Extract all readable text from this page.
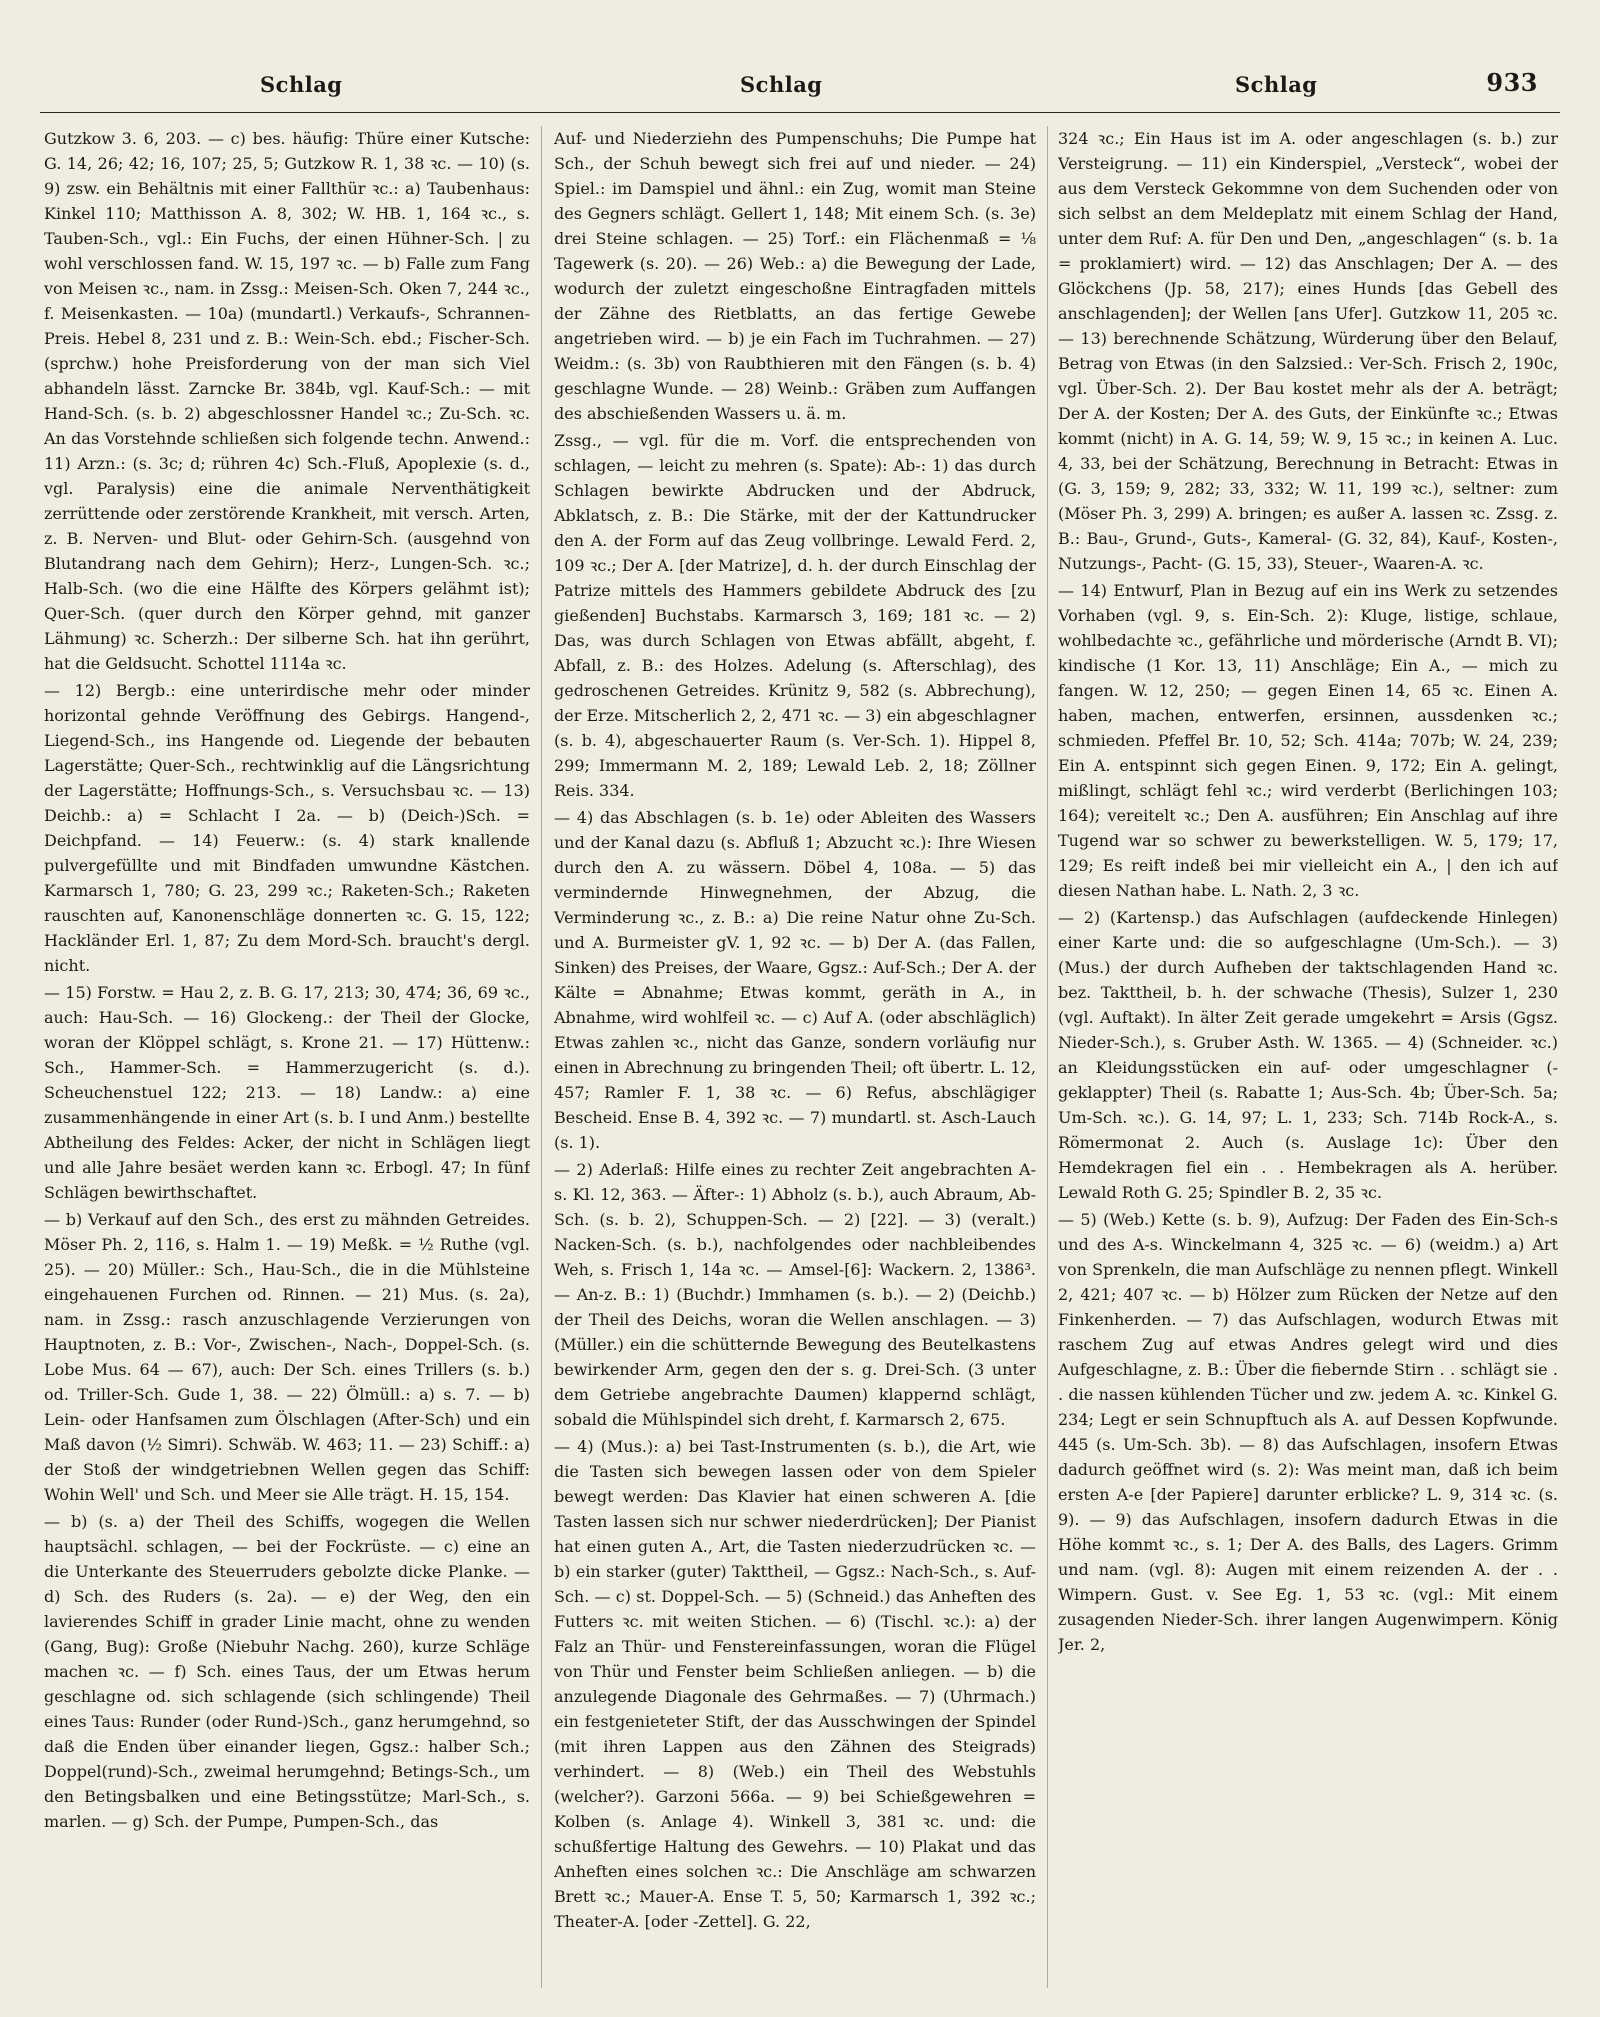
Schlag	Schlag	Schlag	933

Gutzkow 3. 6, 203. — c) bes. häufig: Thüre einer Kutsche: G. 14, 26; 42; 16, 107; 25, 5; Gutzkow R. 1, 38 ꝛc. — 10) (s. 9) zsw. ein Behältnis mit einer Fallthür ꝛc.: a) Taubenhaus: Kinkel 110; Matthisson A. 8, 302; W. HB. 1, 164 ꝛc., s. Tauben-Sch., vgl.: Ein Fuchs, der einen Hühner-Sch. | zu wohl verschlossen fand. W. 15, 197 ꝛc. — b) Falle zum Fang von Meisen ꝛc., nam. in Zssg.: Meisen-Sch. Oken 7, 244 ꝛc., f. Meisenkasten. — 10a) (mundartl.) Verkaufs-, Schrannen-Preis. Hebel 8, 231 und z. B.: Wein-Sch. ebd.; Fischer-Sch. (sprchw.) hohe Preisforderung von der man sich Viel abhandeln lässt. Zarncke Br. 384b, vgl. Kauf-Sch.: — mit Hand-Sch. (s. b. 2) abgeschlossner Handel ꝛc.; Zu-Sch. ꝛc. An das Vorstehnde schließen sich folgende techn. Anwend.: 11) Arzn.: (s. 3c; d; rühren 4c) Sch.-Fluß, Apoplexie (s. d., vgl. Paralysis) eine die animale Nerventhätigkeit zerrüttende oder zerstörende Krankheit, mit versch. Arten, z. B. Nerven- und Blut- oder Gehirn-Sch. (ausgehnd von Blutandrang nach dem Gehirn); Herz-, Lungen-Sch. ꝛc.; Halb-Sch. (wo die eine Hälfte des Körpers gelähmt ist); Quer-Sch. (quer durch den Körper gehnd, mit ganzer Lähmung) ꝛc. Scherzh.: Der silberne Sch. hat ihn gerührt, hat die Geldsucht. Schottel 1114a ꝛc.

— 12) Bergb.: eine unterirdische mehr oder minder horizontal gehnde Veröffnung des Gebirgs. Hangend-, Liegend-Sch., ins Hangende od. Liegende der bebauten Lagerstätte; Quer-Sch., rechtwinklig auf die Längsrichtung der Lagerstätte; Hoffnungs-Sch., s. Versuchsbau ꝛc. — 13) Deichb.: a) = Schlacht I 2a. — b) (Deich-)Sch. = Deichpfand. — 14) Feuerw.: (s. 4) stark knallende pulvergefüllte und mit Bindfaden umwundne Kästchen. Karmarsch 1, 780; G. 23, 299 ꝛc.; Raketen-Sch.; Raketen rauschten auf, Kanonenschläge donnerten ꝛc. G. 15, 122; Hackländer Erl. 1, 87; Zu dem Mord-Sch. braucht's dergl. nicht.

— 15) Forstw. = Hau 2, z. B. G. 17, 213; 30, 474; 36, 69 ꝛc., auch: Hau-Sch. — 16) Glockeng.: der Theil der Glocke, woran der Klöppel schlägt, s. Krone 21. — 17) Hüttenw.: Sch., Hammer-Sch. = Hammerzugericht (s. d.). Scheuchenstuel 122; 213. — 18) Landw.: a) eine zusammenhängende in einer Art (s. b. I und Anm.) bestellte Abtheilung des Feldes: Acker, der nicht in Schlägen liegt und alle Jahre besäet werden kann ꝛc. Erbogl. 47; In fünf Schlägen bewirthschaftet.

— b) Verkauf auf den Sch., des erst zu mähnden Getreides. Möser Ph. 2, 116, s. Halm 1. — 19) Meßk. = ½ Ruthe (vgl. 25). — 20) Müller.: Sch., Hau-Sch., die in die Mühlsteine eingehauenen Furchen od. Rinnen. — 21) Mus. (s. 2a), nam. in Zssg.: rasch anzuschlagende Verzierungen von Hauptnoten, z. B.: Vor-, Zwischen-, Nach-, Doppel-Sch. (s. Lobe Mus. 64 — 67), auch: Der Sch. eines Trillers (s. b.) od. Triller-Sch. Gude 1, 38. — 22) Ölmüll.: a) s. 7. — b) Lein- oder Hanfsamen zum Ölschlagen (After-Sch) und ein Maß davon (½ Simri). Schwäb. W. 463; 11. — 23) Schiff.: a) der Stoß der windgetriebnen Wellen gegen das Schiff: Wohin Well' und Sch. und Meer sie Alle trägt. H. 15, 154.

— b) (s. a) der Theil des Schiffs, wogegen die Wellen hauptsächl. schlagen, — bei der Fockrüste. — c) eine an die Unterkante des Steuerruders gebolzte dicke Planke. — d) Sch. des Ruders (s. 2a). — e) der Weg, den ein lavierendes Schiff in grader Linie macht, ohne zu wenden (Gang, Bug): Große (Niebuhr Nachg. 260), kurze Schläge machen ꝛc. — f) Sch. eines Taus, der um Etwas herum geschlagne od. sich schlagende (sich schlingende) Theil eines Taus: Runder (oder Rund-)Sch., ganz herumgehnd, so daß die Enden über einander liegen, Ggsz.: halber Sch.; Doppel(rund)-Sch., zweimal herumgehnd; Betings-Sch., um den Betingsbalken und eine Betingsstütze; Marl-Sch., s. marlen. — g) Sch. der Pumpe, Pumpen-Sch., das

Auf- und Niederziehn des Pumpenschuhs; Die Pumpe hat Sch., der Schuh bewegt sich frei auf und nieder. — 24) Spiel.: im Damspiel und ähnl.: ein Zug, womit man Steine des Gegners schlägt. Gellert 1, 148; Mit einem Sch. (s. 3e) drei Steine schlagen. — 25) Torf.: ein Flächenmaß = ⅛ Tagewerk (s. 20). — 26) Web.: a) die Bewegung der Lade, wodurch der zuletzt eingeschoßne Eintragfaden mittels der Zähne des Rietblatts, an das fertige Gewebe angetrieben wird. — b) je ein Fach im Tuchrahmen. — 27) Weidm.: (s. 3b) von Raubthieren mit den Fängen (s. b. 4) geschlagne Wunde. — 28) Weinb.: Gräben zum Auffangen des abschießenden Wassers u. ä. m.

Zssg., — vgl. für die m. Vorf. die entsprechenden von schlagen, — leicht zu mehren (s. Spate): Ab-: 1) das durch Schlagen bewirkte Abdrucken und der Abdruck, Abklatsch, z. B.: Die Stärke, mit der der Kattundrucker den A. der Form auf das Zeug vollbringe. Lewald Ferd. 2, 109 ꝛc.; Der A. [der Matrize], d. h. der durch Einschlag der Patrize mittels des Hammers gebildete Abdruck des [zu gießenden] Buchstabs. Karmarsch 3, 169; 181 ꝛc. — 2) Das, was durch Schlagen von Etwas abfällt, abgeht, f. Abfall, z. B.: des Holzes. Adelung (s. Afterschlag), des gedroschenen Getreides. Krünitz 9, 582 (s. Abbrechung), der Erze. Mitscherlich 2, 2, 471 ꝛc. — 3) ein abgeschlagner (s. b. 4), abgeschauerter Raum (s. Ver-Sch. 1). Hippel 8, 299; Immermann M. 2, 189; Lewald Leb. 2, 18; Zöllner Reis. 334.

— 4) das Abschlagen (s. b. 1e) oder Ableiten des Wassers und der Kanal dazu (s. Abfluß 1; Abzucht ꝛc.): Ihre Wiesen durch den A. zu wässern. Döbel 4, 108a. — 5) das vermindernde Hinwegnehmen, der Abzug, die Verminderung ꝛc., z. B.: a) Die reine Natur ohne Zu-Sch. und A. Burmeister gV. 1, 92 ꝛc. — b) Der A. (das Fallen, Sinken) des Preises, der Waare, Ggsz.: Auf-Sch.; Der A. der Kälte = Abnahme; Etwas kommt, geräth in A., in Abnahme, wird wohlfeil ꝛc. — c) Auf A. (oder abschläglich) Etwas zahlen ꝛc., nicht das Ganze, sondern vorläufig nur einen in Abrechnung zu bringenden Theil; oft übertr. L. 12, 457; Ramler F. 1, 38 ꝛc. — 6) Refus, abschlägiger Bescheid. Ense B. 4, 392 ꝛc. — 7) mundartl. st. Asch-Lauch (s. 1).

— 2) Aderlaß: Hilfe eines zu rechter Zeit angebrachten A-s. Kl. 12, 363. — Äfter-: 1) Abholz (s. b.), auch Abraum, Ab-Sch. (s. b. 2), Schuppen-Sch. — 2) [22]. — 3) (veralt.) Nacken-Sch. (s. b.), nachfolgendes oder nachbleibendes Weh, s. Frisch 1, 14a ꝛc. — Amsel-[6]: Wackern. 2, 1386³. — An-z. B.: 1) (Buchdr.) Immhamen (s. b.). — 2) (Deichb.) der Theil des Deichs, woran die Wellen anschlagen. — 3) (Müller.) ein die schütternde Bewegung des Beutelkastens bewirkender Arm, gegen den der s. g. Drei-Sch. (3 unter dem Getriebe angebrachte Daumen) klappernd schlägt, sobald die Mühlspindel sich dreht, f. Karmarsch 2, 675.

— 4) (Mus.): a) bei Tast-Instrumenten (s. b.), die Art, wie die Tasten sich bewegen lassen oder von dem Spieler bewegt werden: Das Klavier hat einen schweren A. [die Tasten lassen sich nur schwer niederdrücken]; Der Pianist hat einen guten A., Art, die Tasten niederzudrücken ꝛc. — b) ein starker (guter) Takttheil, — Ggsz.: Nach-Sch., s. Auf-Sch. — c) st. Doppel-Sch. — 5) (Schneid.) das Anheften des Futters ꝛc. mit weiten Stichen. — 6) (Tischl. ꝛc.): a) der Falz an Thür- und Fenstereinfassungen, woran die Flügel von Thür und Fenster beim Schließen anliegen. — b) die anzulegende Diagonale des Gehrmaßes. — 7) (Uhrmach.) ein festgenieteter Stift, der das Ausschwingen der Spindel (mit ihren Lappen aus den Zähnen des Steigrads) verhindert. — 8) (Web.) ein Theil des Webstuhls (welcher?). Garzoni 566a. — 9) bei Schießgewehren = Kolben (s. Anlage 4). Winkell 3, 381 ꝛc. und: die schußfertige Haltung des Gewehrs. — 10) Plakat und das Anheften eines solchen ꝛc.: Die Anschläge am schwarzen Brett ꝛc.; Mauer-A. Ense T. 5, 50; Karmarsch 1, 392 ꝛc.; Theater-A. [oder -Zettel]. G. 22,

324 ꝛc.; Ein Haus ist im A. oder angeschlagen (s. b.) zur Versteigrung. — 11) ein Kinderspiel, „Versteck“, wobei der aus dem Versteck Gekommne von dem Suchenden oder von sich selbst an dem Meldeplatz mit einem Schlag der Hand, unter dem Ruf: A. für Den und Den, „angeschlagen“ (s. b. 1a = proklamiert) wird. — 12) das Anschlagen; Der A. — des Glöckchens (Jp. 58, 217); eines Hunds [das Gebell des anschlagenden]; der Wellen [ans Ufer]. Gutzkow 11, 205 ꝛc. — 13) berechnende Schätzung, Würderung über den Belauf, Betrag von Etwas (in den Salzsied.: Ver-Sch. Frisch 2, 190c, vgl. Über-Sch. 2). Der Bau kostet mehr als der A. beträgt; Der A. der Kosten; Der A. des Guts, der Einkünfte ꝛc.; Etwas kommt (nicht) in A. G. 14, 59; W. 9, 15 ꝛc.; in keinen A. Luc. 4, 33, bei der Schätzung, Berechnung in Betracht: Etwas in (G. 3, 159; 9, 282; 33, 332; W. 11, 199 ꝛc.), seltner: zum (Möser Ph. 3, 299) A. bringen; es außer A. lassen ꝛc. Zssg. z. B.: Bau-, Grund-, Guts-, Kameral- (G. 32, 84), Kauf-, Kosten-, Nutzungs-, Pacht- (G. 15, 33), Steuer-, Waaren-A. ꝛc.

— 14) Entwurf, Plan in Bezug auf ein ins Werk zu setzendes Vorhaben (vgl. 9, s. Ein-Sch. 2): Kluge, listige, schlaue, wohlbedachte ꝛc., gefährliche und mörderische (Arndt B. VI); kindische (1 Kor. 13, 11) Anschläge; Ein A., — mich zu fangen. W. 12, 250; — gegen Einen 14, 65 ꝛc. Einen A. haben, machen, entwerfen, ersinnen, aussdenken ꝛc.; schmieden. Pfeffel Br. 10, 52; Sch. 414a; 707b; W. 24, 239; Ein A. entspinnt sich gegen Einen. 9, 172; Ein A. gelingt, mißlingt, schlägt fehl ꝛc.; wird verderbt (Berlichingen 103; 164); vereitelt ꝛc.; Den A. ausführen; Ein Anschlag auf ihre Tugend war so schwer zu bewerkstelligen. W. 5, 179; 17, 129; Es reift indeß bei mir vielleicht ein A., | den ich auf diesen Nathan habe. L. Nath. 2, 3 ꝛc.

— 2) (Kartensp.) das Aufschlagen (aufdeckende Hinlegen) einer Karte und: die so aufgeschlagne (Um-Sch.). — 3) (Mus.) der durch Aufheben der taktschlagenden Hand ꝛc. bez. Takttheil, b. h. der schwache (Thesis), Sulzer 1, 230 (vgl. Auftakt). In älter Zeit gerade umgekehrt = Arsis (Ggsz. Nieder-Sch.), s. Gruber Asth. W. 1365. — 4) (Schneider. ꝛc.) an Kleidungsstücken ein auf- oder umgeschlagner (-geklappter) Theil (s. Rabatte 1; Aus-Sch. 4b; Über-Sch. 5a; Um-Sch. ꝛc.). G. 14, 97; L. 1, 233; Sch. 714b Rock-A., s. Römermonat 2. Auch (s. Auslage 1c): Über den Hemdekragen fiel ein . . Hembekragen als A. herüber. Lewald Roth G. 25; Spindler B. 2, 35 ꝛc.

— 5) (Web.) Kette (s. b. 9), Aufzug: Der Faden des Ein-Sch-s und des A-s. Winckelmann 4, 325 ꝛc. — 6) (weidm.) a) Art von Sprenkeln, die man Aufschläge zu nennen pflegt. Winkell 2, 421; 407 ꝛc. — b) Hölzer zum Rücken der Netze auf den Finkenherden. — 7) das Aufschlagen, wodurch Etwas mit raschem Zug auf etwas Andres gelegt wird und dies Aufgeschlagne, z. B.: Über die fiebernde Stirn . . schlägt sie . . die nassen kühlenden Tücher und zw. jedem A. ꝛc. Kinkel G. 234; Legt er sein Schnupftuch als A. auf Dessen Kopfwunde. 445 (s. Um-Sch. 3b). — 8) das Aufschlagen, insofern Etwas dadurch geöffnet wird (s. 2): Was meint man, daß ich beim ersten A-e [der Papiere] darunter erblicke? L. 9, 314 ꝛc. (s. 9). — 9) das Aufschlagen, insofern dadurch Etwas in die Höhe kommt ꝛc., s. 1; Der A. des Balls, des Lagers. Grimm und nam. (vgl. 8): Augen mit einem reizenden A. der . . Wimpern. Gust. v. See Eg. 1, 53 ꝛc. (vgl.: Mit einem zusagenden Nieder-Sch. ihrer langen Augenwimpern. König Jer. 2,
